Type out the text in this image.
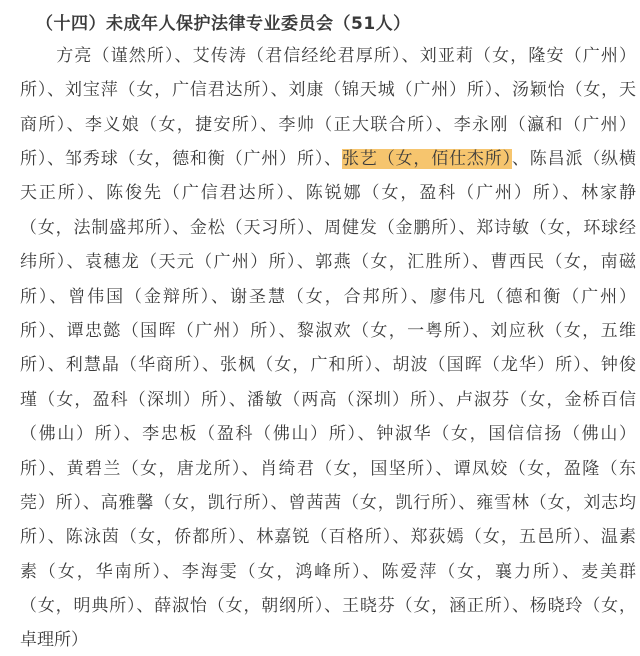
（十四）未成年人保护法律专业委员会（51人）
　　方亮（谨然所）、艾传涛（君信经纶君厚所）、刘亚莉（女，隆安（广州）
所）、刘宝萍（女，广信君达所）、刘康（锦天城（广州）所）、汤颖怡（女，天
商所）、李义娘（女，捷安所）、李帅（正大联合所）、李永刚（瀛和（广州）
所）、邹秀球（女，德和衡（广州）所）、张艺（女，佰仕杰所）、陈昌派（纵横
天正所）、陈俊先（广信君达所）、陈锐娜（女，盈科（广州）所）、林家静
（女，法制盛邦所）、金松（天习所）、周健发（金鹏所）、郑诗敏（女，环球经
纬所）、袁穗龙（天元（广州）所）、郭燕（女，汇胜所）、曹西民（女，南磁
所）、曾伟国（金辩所）、谢圣慧（女，合邦所）、廖伟凡（德和衡（广州）
所）、谭忠懿（国晖（广州）所）、黎淑欢（女，一粤所）、刘应秋（女，五维
所）、利慧晶（华商所）、张枫（女，广和所）、胡波（国晖（龙华）所）、钟俊
瑾（女，盈科（深圳）所）、潘敏（两高（深圳）所）、卢淑芬（女，金桥百信
（佛山）所）、李忠板（盈科（佛山）所）、钟淑华（女，国信信扬（佛山）
所）、黄碧兰（女，唐龙所）、肖绮君（女，国坚所）、谭凤姣（女，盈隆（东
莞）所）、高雅馨（女，凯行所）、曾茜茜（女，凯行所）、雍雪林（女，刘志均
所）、陈泳茵（女，侨都所）、林嘉锐（百格所）、郑荻嫣（女，五邑所）、温素
素（女，华南所）、李海雯（女，鸿峰所）、陈爱萍（女，襄力所）、麦美群
（女，明典所）、薛淑怡（女，朝纲所）、王晓芬（女，涵正所）、杨晓玲（女，
卓理所）
